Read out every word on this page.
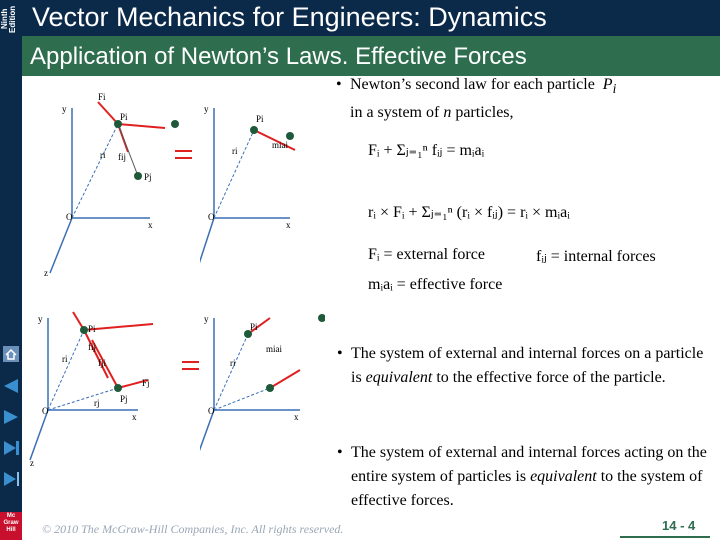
Ninth Edition Vector Mechanics for Engineers: Dynamics
Application of Newton’s Laws. Effective Forces
Mc Graw Hill
y
x
z
O
Fi
Pi
ri fij
Pj
y
x
O
Pi
miai
ri
y
x
z
O
Pi
ri
fij
fji
Fj
Pj
rj
y
x
O
Pi
miai
ri
• Newton’s second law for each particle $P_i$

in a system of n particles,

Fᵢ + Σⱼ₌₁ⁿ fᵢⱼ = mᵢaᵢ
rᵢ × Fᵢ + Σⱼ₌₁ⁿ (rᵢ × fᵢⱼ) = rᵢ × mᵢaᵢ
Fᵢ = external force	fᵢⱼ = internal forces
mᵢaᵢ = effective force
The system of external and internal forces on a particle is equivalent to the effective force of the particle.
•
The system of external and internal forces acting on the entire system of particles is equivalent to the system of effective forces.
•
© 2010 The McGraw-Hill Companies, Inc. All rights reserved.	14 - 4
